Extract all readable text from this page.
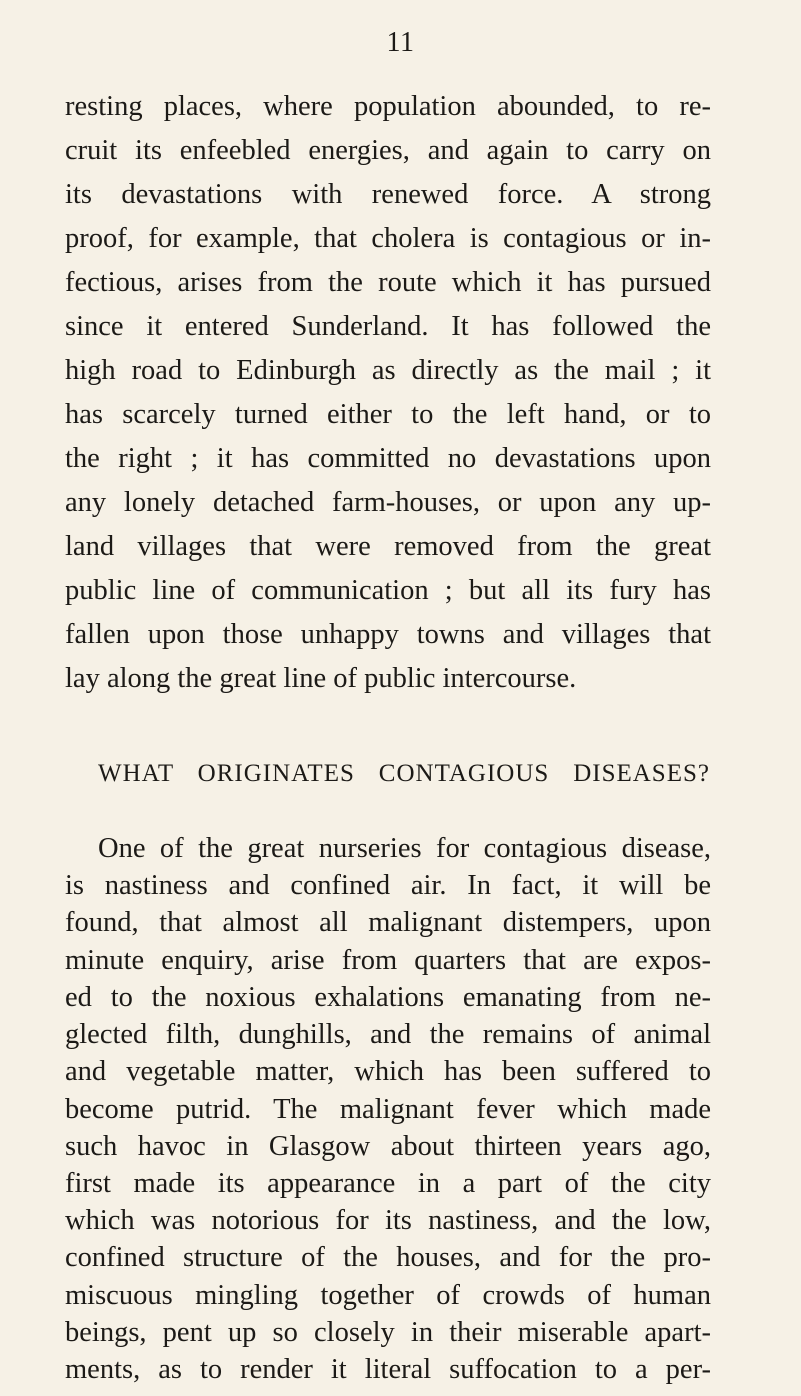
11
resting places, where population abounded, to re-
cruit its enfeebled energies, and again to carry on
its devastations with renewed force. A strong
proof, for example, that cholera is contagious or in-
fectious, arises from the route which it has pursued
since it entered Sunderland. It has followed the
high road to Edinburgh as directly as the mail ; it
has scarcely turned either to the left hand, or to
the right ; it has committed no devastations upon
any lonely detached farm-houses, or upon any up-
land villages that were removed from the great
public line of communication ; but all its fury has
fallen upon those unhappy towns and villages that
lay along the great line of public intercourse.
WHAT ORIGINATES CONTAGIOUS DISEASES?
One of the great nurseries for contagious disease,
is nastiness and confined air. In fact, it will be
found, that almost all malignant distempers, upon
minute enquiry, arise from quarters that are expos-
ed to the noxious exhalations emanating from ne-
glected filth, dunghills, and the remains of animal
and vegetable matter, which has been suffered to
become putrid. The malignant fever which made
such havoc in Glasgow about thirteen years ago,
first made its appearance in a part of the city
which was notorious for its nastiness, and the low,
confined structure of the houses, and for the pro-
miscuous mingling together of crowds of human
beings, pent up so closely in their miserable apart-
ments, as to render it literal suffocation to a per-
